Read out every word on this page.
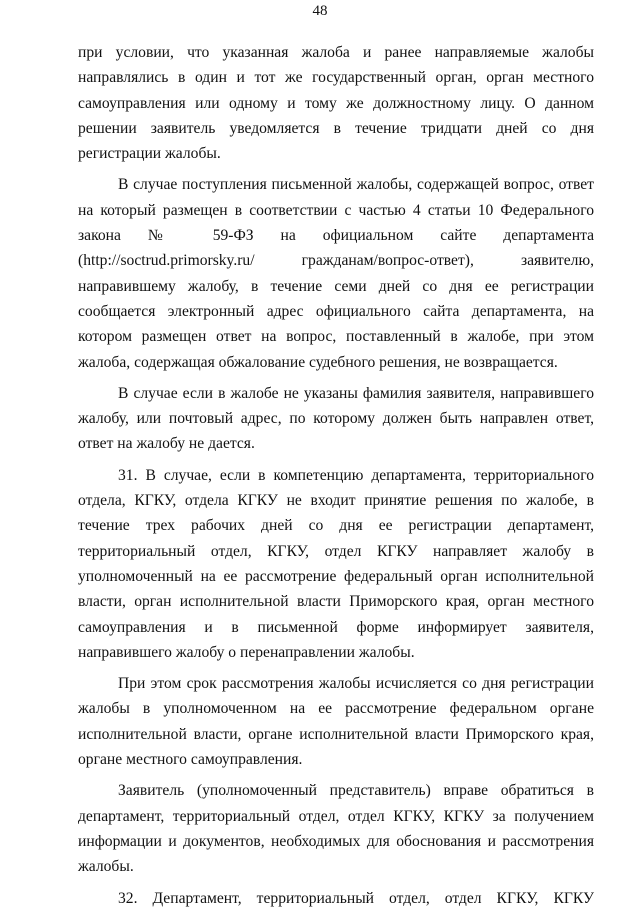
48

при условии, что указанная жалоба и ранее направляемые жалобы направлялись в один и тот же государственный орган, орган местного самоуправления или одному и тому же должностному лицу. О данном решении заявитель уведомляется в течение тридцати дней со дня регистрации жалобы.

В случае поступления письменной жалобы, содержащей вопрос, ответ на который размещен в соответствии с частью 4 статьи 10 Федерального закона № 59-ФЗ на официальном сайте департамента (http://soctrud.primorsky.ru/ гражданам/вопрос-ответ), заявителю, направившему жалобу, в течение семи дней со дня ее регистрации сообщается электронный адрес официального сайта департамента, на котором размещен ответ на вопрос, поставленный в жалобе, при этом жалоба, содержащая обжалование судебного решения, не возвращается.

В случае если в жалобе не указаны фамилия заявителя, направившего жалобу, или почтовый адрес, по которому должен быть направлен ответ, ответ на жалобу не дается.

31. В случае, если в компетенцию департамента, территориального отдела, КГКУ, отдела КГКУ не входит принятие решения по жалобе, в течение трех рабочих дней со дня ее регистрации департамент, территориальный отдел, КГКУ, отдел КГКУ направляет жалобу в уполномоченный на ее рассмотрение федеральный орган исполнительной власти, орган исполнительной власти Приморского края, орган местного самоуправления и в письменной форме информирует заявителя, направившего жалобу о перенаправлении жалобы.

При этом срок рассмотрения жалобы исчисляется со дня регистрации жалобы в уполномоченном на ее рассмотрение федеральном органе исполнительной власти, органе исполнительной власти Приморского края, органе местного самоуправления.

Заявитель (уполномоченный представитель) вправе обратиться в департамент, территориальный отдел, отдел КГКУ, КГКУ за получением информации и документов, необходимых для обоснования и рассмотрения жалобы.

32. Департамент, территориальный отдел, отдел КГКУ, КГКУ
